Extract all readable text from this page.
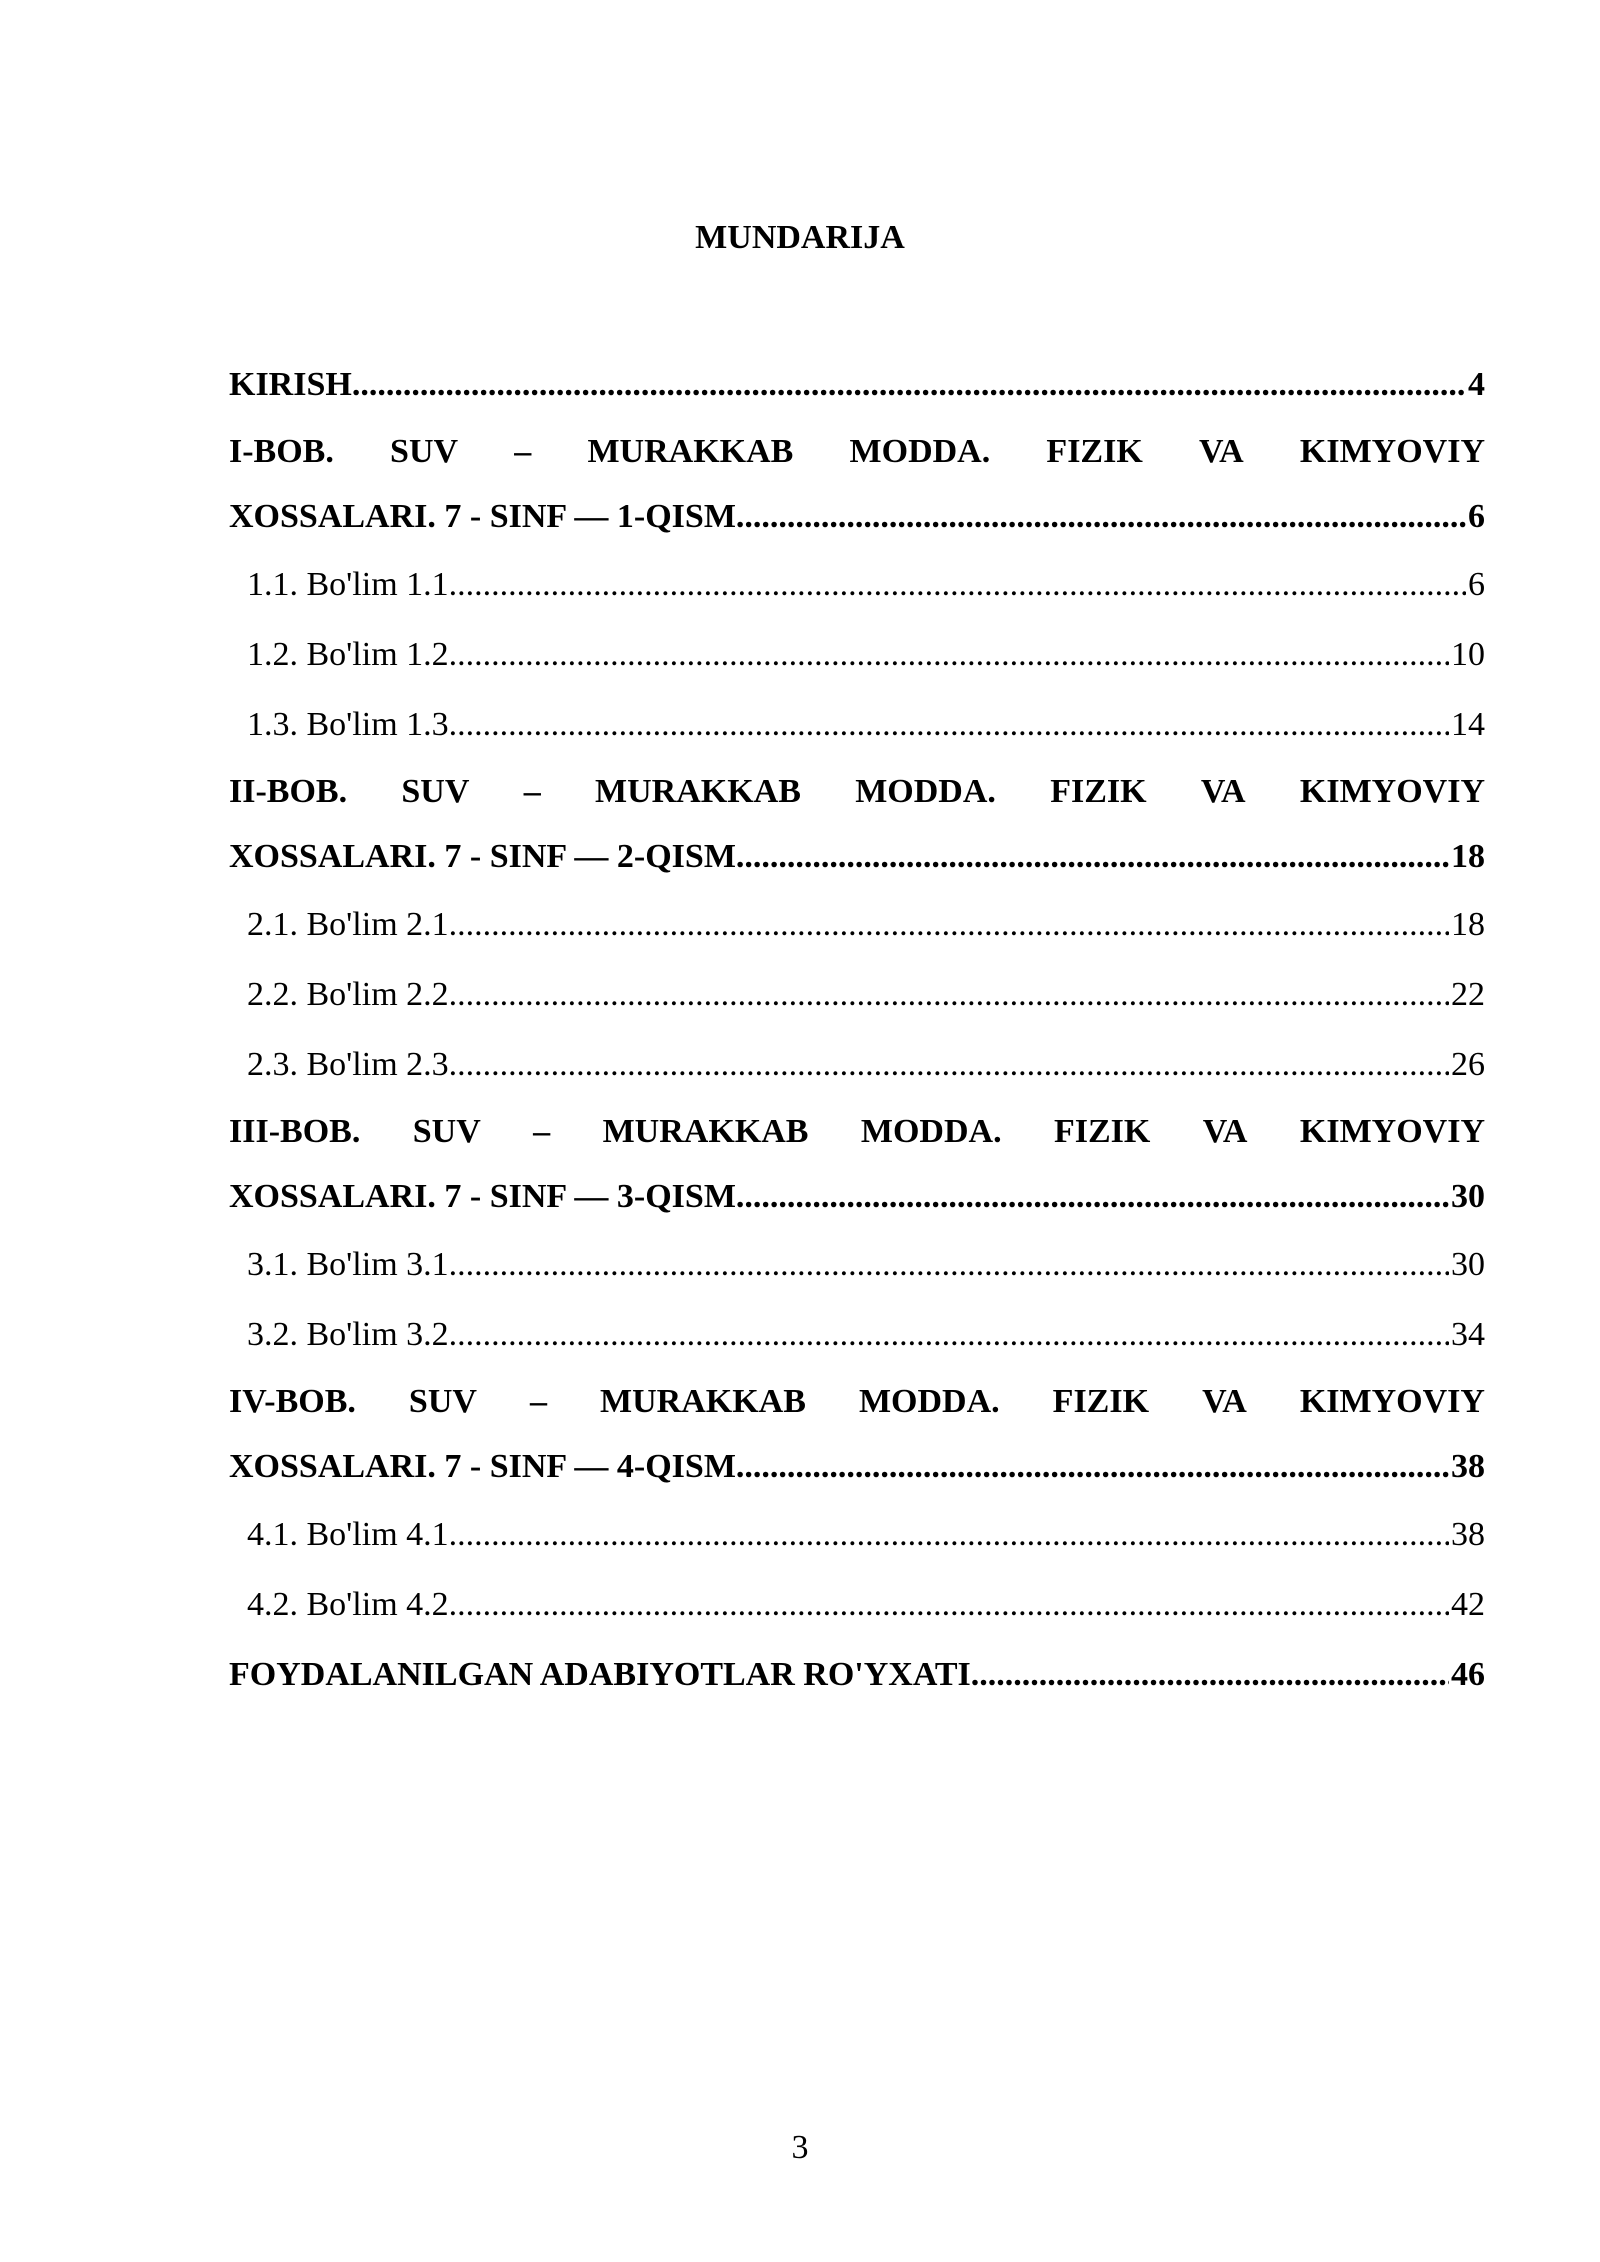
MUNDARIJA
KIRISH .....	4
I-BOB. SUV – MURAKKAB MODDA. FIZIK VA KIMYOVIY
XOSSALARI. 7 - SINF — 1-QISM .....	6
1.1. Bo'lim 1.1 .....	6
1.2. Bo'lim 1.2 .....	10
1.3. Bo'lim 1.3 .....	14
II-BOB. SUV – MURAKKAB MODDA. FIZIK VA KIMYOVIY
XOSSALARI. 7 - SINF — 2-QISM .....	18
2.1. Bo'lim 2.1 .....	18
2.2. Bo'lim 2.2 .....	22
2.3. Bo'lim 2.3 .....	26
III-BOB. SUV – MURAKKAB MODDA. FIZIK VA KIMYOVIY
XOSSALARI. 7 - SINF — 3-QISM .....	30
3.1. Bo'lim 3.1 .....	30
3.2. Bo'lim 3.2 .....	34
IV-BOB. SUV – MURAKKAB MODDA. FIZIK VA KIMYOVIY
XOSSALARI. 7 - SINF — 4-QISM .....	38
4.1. Bo'lim 4.1 .....	38
4.2. Bo'lim 4.2 .....	42
FOYDALANILGAN ADABIYOTLAR RO'YXATI .....	46
3
